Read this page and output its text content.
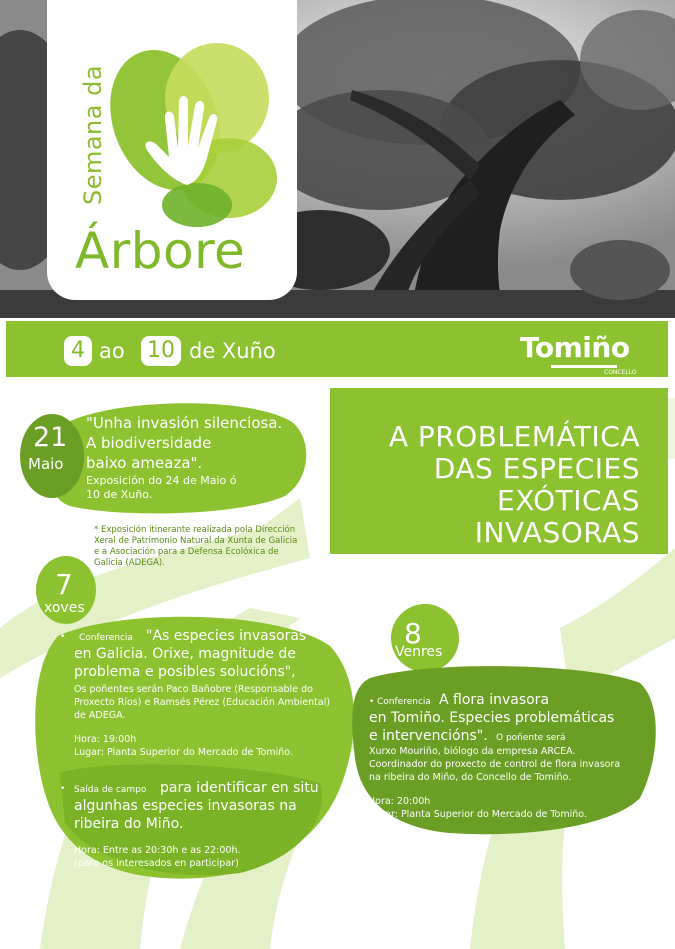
Semana da
Árbore
4 ao 10 de Xuño	Tomiño
CONCELLO
A PROBLEMÁTICA
DAS ESPECIES
EXÓTICAS
INVASORAS
21
Maio
"Unha invasión silenciosa.
A biodiversidade
baixo ameaza".
Exposición do 24 de Maio ó
10 de Xuño.
* Exposición itinerante realizada pola Dirección
Xeral de Patrimonio Natural da Xunta de Galicia
e a Asociación para a Defensa Ecolóxica de
Galicia (ADEGA).
7
xoves
• Conferencia "As especies invasoras
en Galicia. Orixe, magnitude de
problema e posibles solucións",
Os poñentes serán Paco Bañobre (Responsable do
Proxecto Ríos) e Ramsés Pérez (Educación Ambiental)
de ADEGA.
Hora: 19:00h
Lugar: Planta Superior do Mercado de Tomiño.
• Saída de campo para identificar en situ
algunhas especies invasoras na
ribeira do Miño.
Hora: Entre as 20:30h e as 22:00h.
(para os interesados en participar)
8
Venres
• Conferencia A flora invasora
en Tomiño. Especies problemáticas
e intervencións". O poñente será
Xurxo Mouriño, biólogo da empresa ARCEA.
Coordinador do proxecto de control de flora invasora
na ribeira do Miño, do Concello de Tomiño.
Hora: 20:00h
Lugar: Planta Superior do Mercado de Tomiño.
